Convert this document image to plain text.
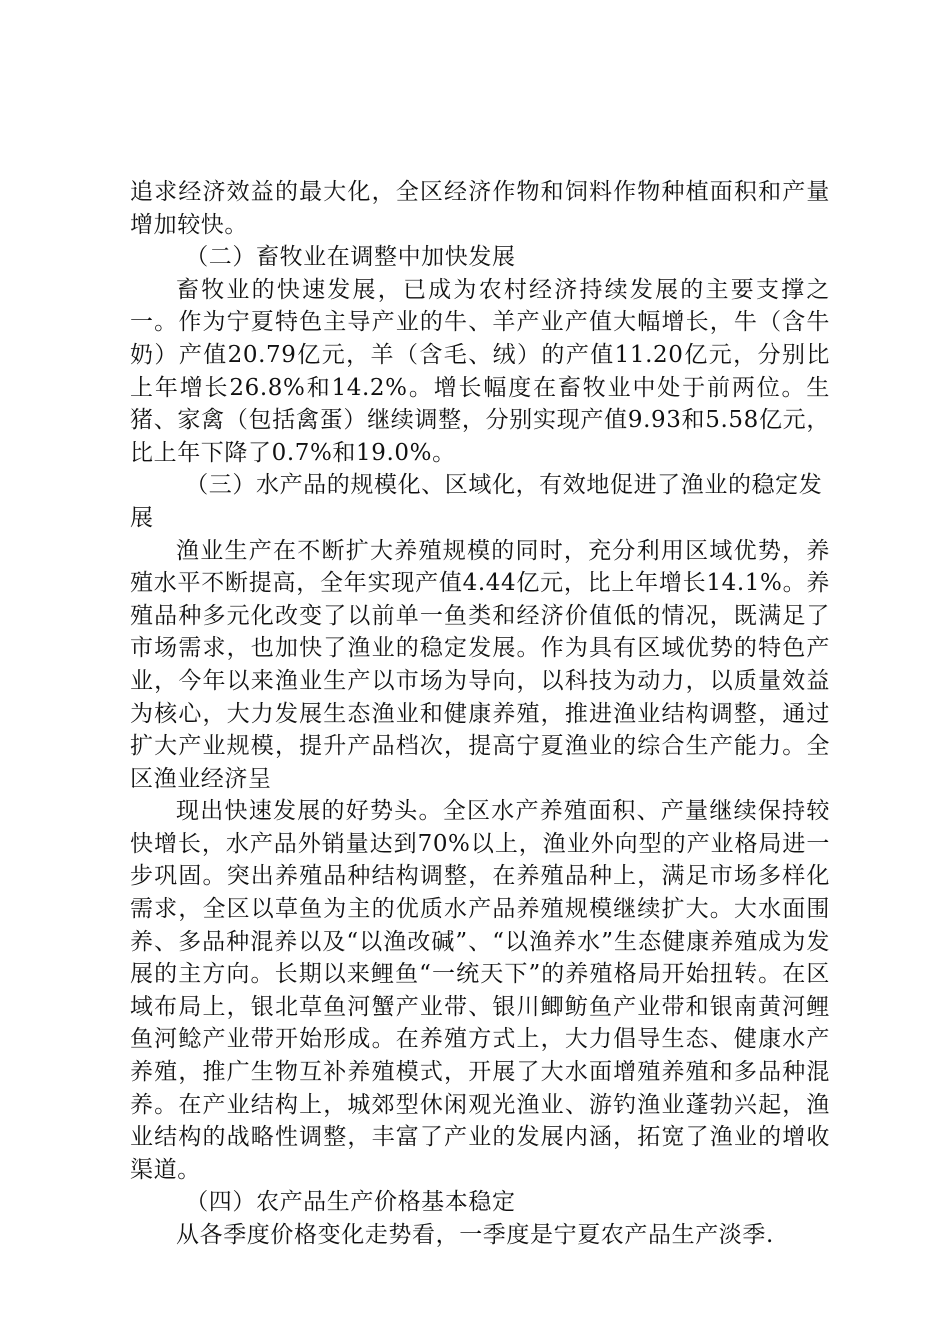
追求经济效益的最大化，全区经济作物和饲料作物种植面积和产量增加较快。

（二）畜牧业在调整中加快发展

畜牧业的快速发展，已成为农村经济持续发展的主要支撑之一。作为宁夏特色主导产业的牛、羊产业产值大幅增长，牛（含牛奶）产值20.79亿元，羊（含毛、绒）的产值11.20亿元，分别比上年增长26.8%和14.2%。增长幅度在畜牧业中处于前两位。生猪、家禽（包括禽蛋）继续调整，分别实现产值9.93和5.58亿元，比上年下降了0.7%和19.0%。

（三）水产品的规模化、区域化，有效地促进了渔业的稳定发展

渔业生产在不断扩大养殖规模的同时，充分利用区域优势，养殖水平不断提高，全年实现产值4.44亿元，比上年增长14.1%。养殖品种多元化改变了以前单一鱼类和经济价值低的情况，既满足了市场需求，也加快了渔业的稳定发展。作为具有区域优势的特色产业，今年以来渔业生产以市场为导向，以科技为动力，以质量效益为核心，大力发展生态渔业和健康养殖，推进渔业结构调整，通过扩大产业规模，提升产品档次，提高宁夏渔业的综合生产能力。全区渔业经济呈

现出快速发展的好势头。全区水产养殖面积、产量继续保持较快增长，水产品外销量达到70%以上，渔业外向型的产业格局进一步巩固。突出养殖品种结构调整，在养殖品种上，满足市场多样化需求，全区以草鱼为主的优质水产品养殖规模继续扩大。大水面围养、多品种混养以及“以渔改碱”、“以渔养水”生态健康养殖成为发展的主方向。长期以来鲤鱼“一统天下”的养殖格局开始扭转。在区域布局上，银北草鱼河蟹产业带、银川鲫鲂鱼产业带和银南黄河鲤鱼河鲶产业带开始形成。在养殖方式上，大力倡导生态、健康水产养殖，推广生物互补养殖模式，开展了大水面增殖养殖和多品种混养。在产业结构上，城郊型休闲观光渔业、游钓渔业蓬勃兴起，渔业结构的战略性调整，丰富了产业的发展内涵，拓宽了渔业的增收渠道。

（四）农产品生产价格基本稳定

从各季度价格变化走势看，一季度是宁夏农产品生产淡季.
